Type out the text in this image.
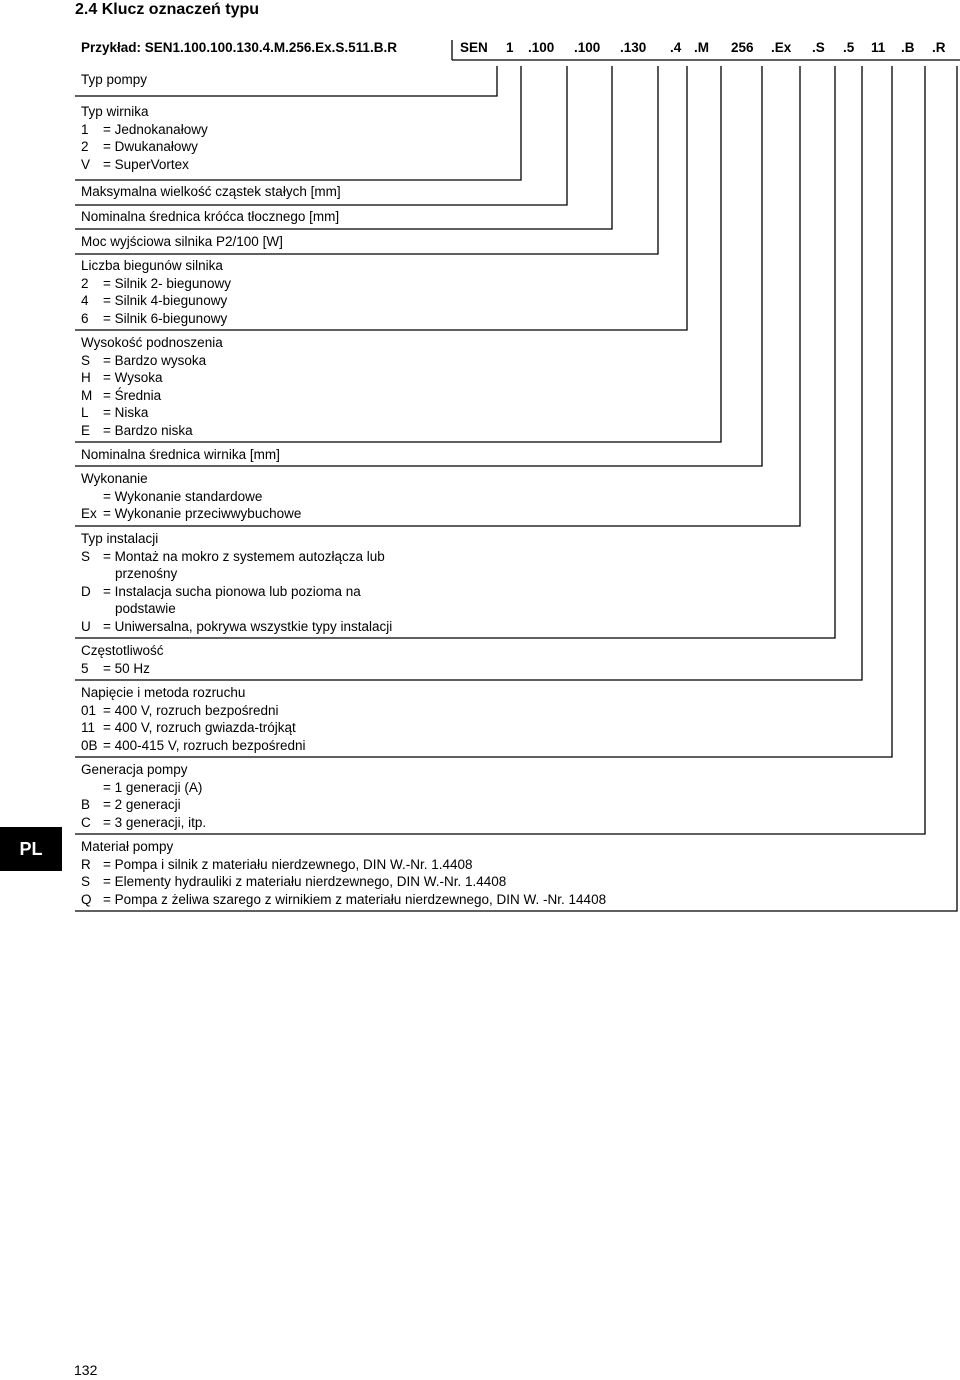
2.4 Klucz oznaczeń typu
Przykład: SEN1.100.100.130.4.M.256.Ex.S.511.B.R	SEN 1 .100 .100 .130 .4 .M 256 .Ex .S .5 11 .B .R
Typ pompy
Typ wirnika
1 = Jednokanałowy
2 = Dwukanałowy
V = SuperVortex
Maksymalna wielkość cząstek stałych [mm]
Nominalna średnica króćca tłocznego [mm]
Moc wyjściowa silnika P2/100 [W]
Liczba biegunów silnika
2 = Silnik 2- biegunowy
4 = Silnik 4-biegunowy
6 = Silnik 6-biegunowy
Wysokość podnoszenia
S = Bardzo wysoka
H = Wysoka
M = Średnia
L = Niska
E = Bardzo niska
Nominalna średnica wirnika [mm]
Wykonanie
= Wykonanie standardowe
Ex = Wykonanie przeciwwybuchowe
Typ instalacji
S = Montaż na mokro z systemem autozłącza lub
przenośny
D = Instalacja sucha pionowa lub pozioma na
podstawie
U = Uniwersalna, pokrywa wszystkie typy instalacji
Częstotliwość
5 = 50 Hz
Napięcie i metoda rozruchu
01 = 400 V, rozruch bezpośredni
11 = 400 V, rozruch gwiazda-trójkąt
0B = 400-415 V, rozruch bezpośredni
Generacja pompy
= 1 generacji (A)
B = 2 generacji
C = 3 generacji, itp.
Materiał pompy
R = Pompa i silnik z materiału nierdzewnego, DIN W.-Nr. 1.4408
S = Elementy hydrauliki z materiału nierdzewnego, DIN W.-Nr. 1.4408
Q = Pompa z żeliwa szarego z wirnikiem z materiału nierdzewnego, DIN W. -Nr. 14408
PL
132
